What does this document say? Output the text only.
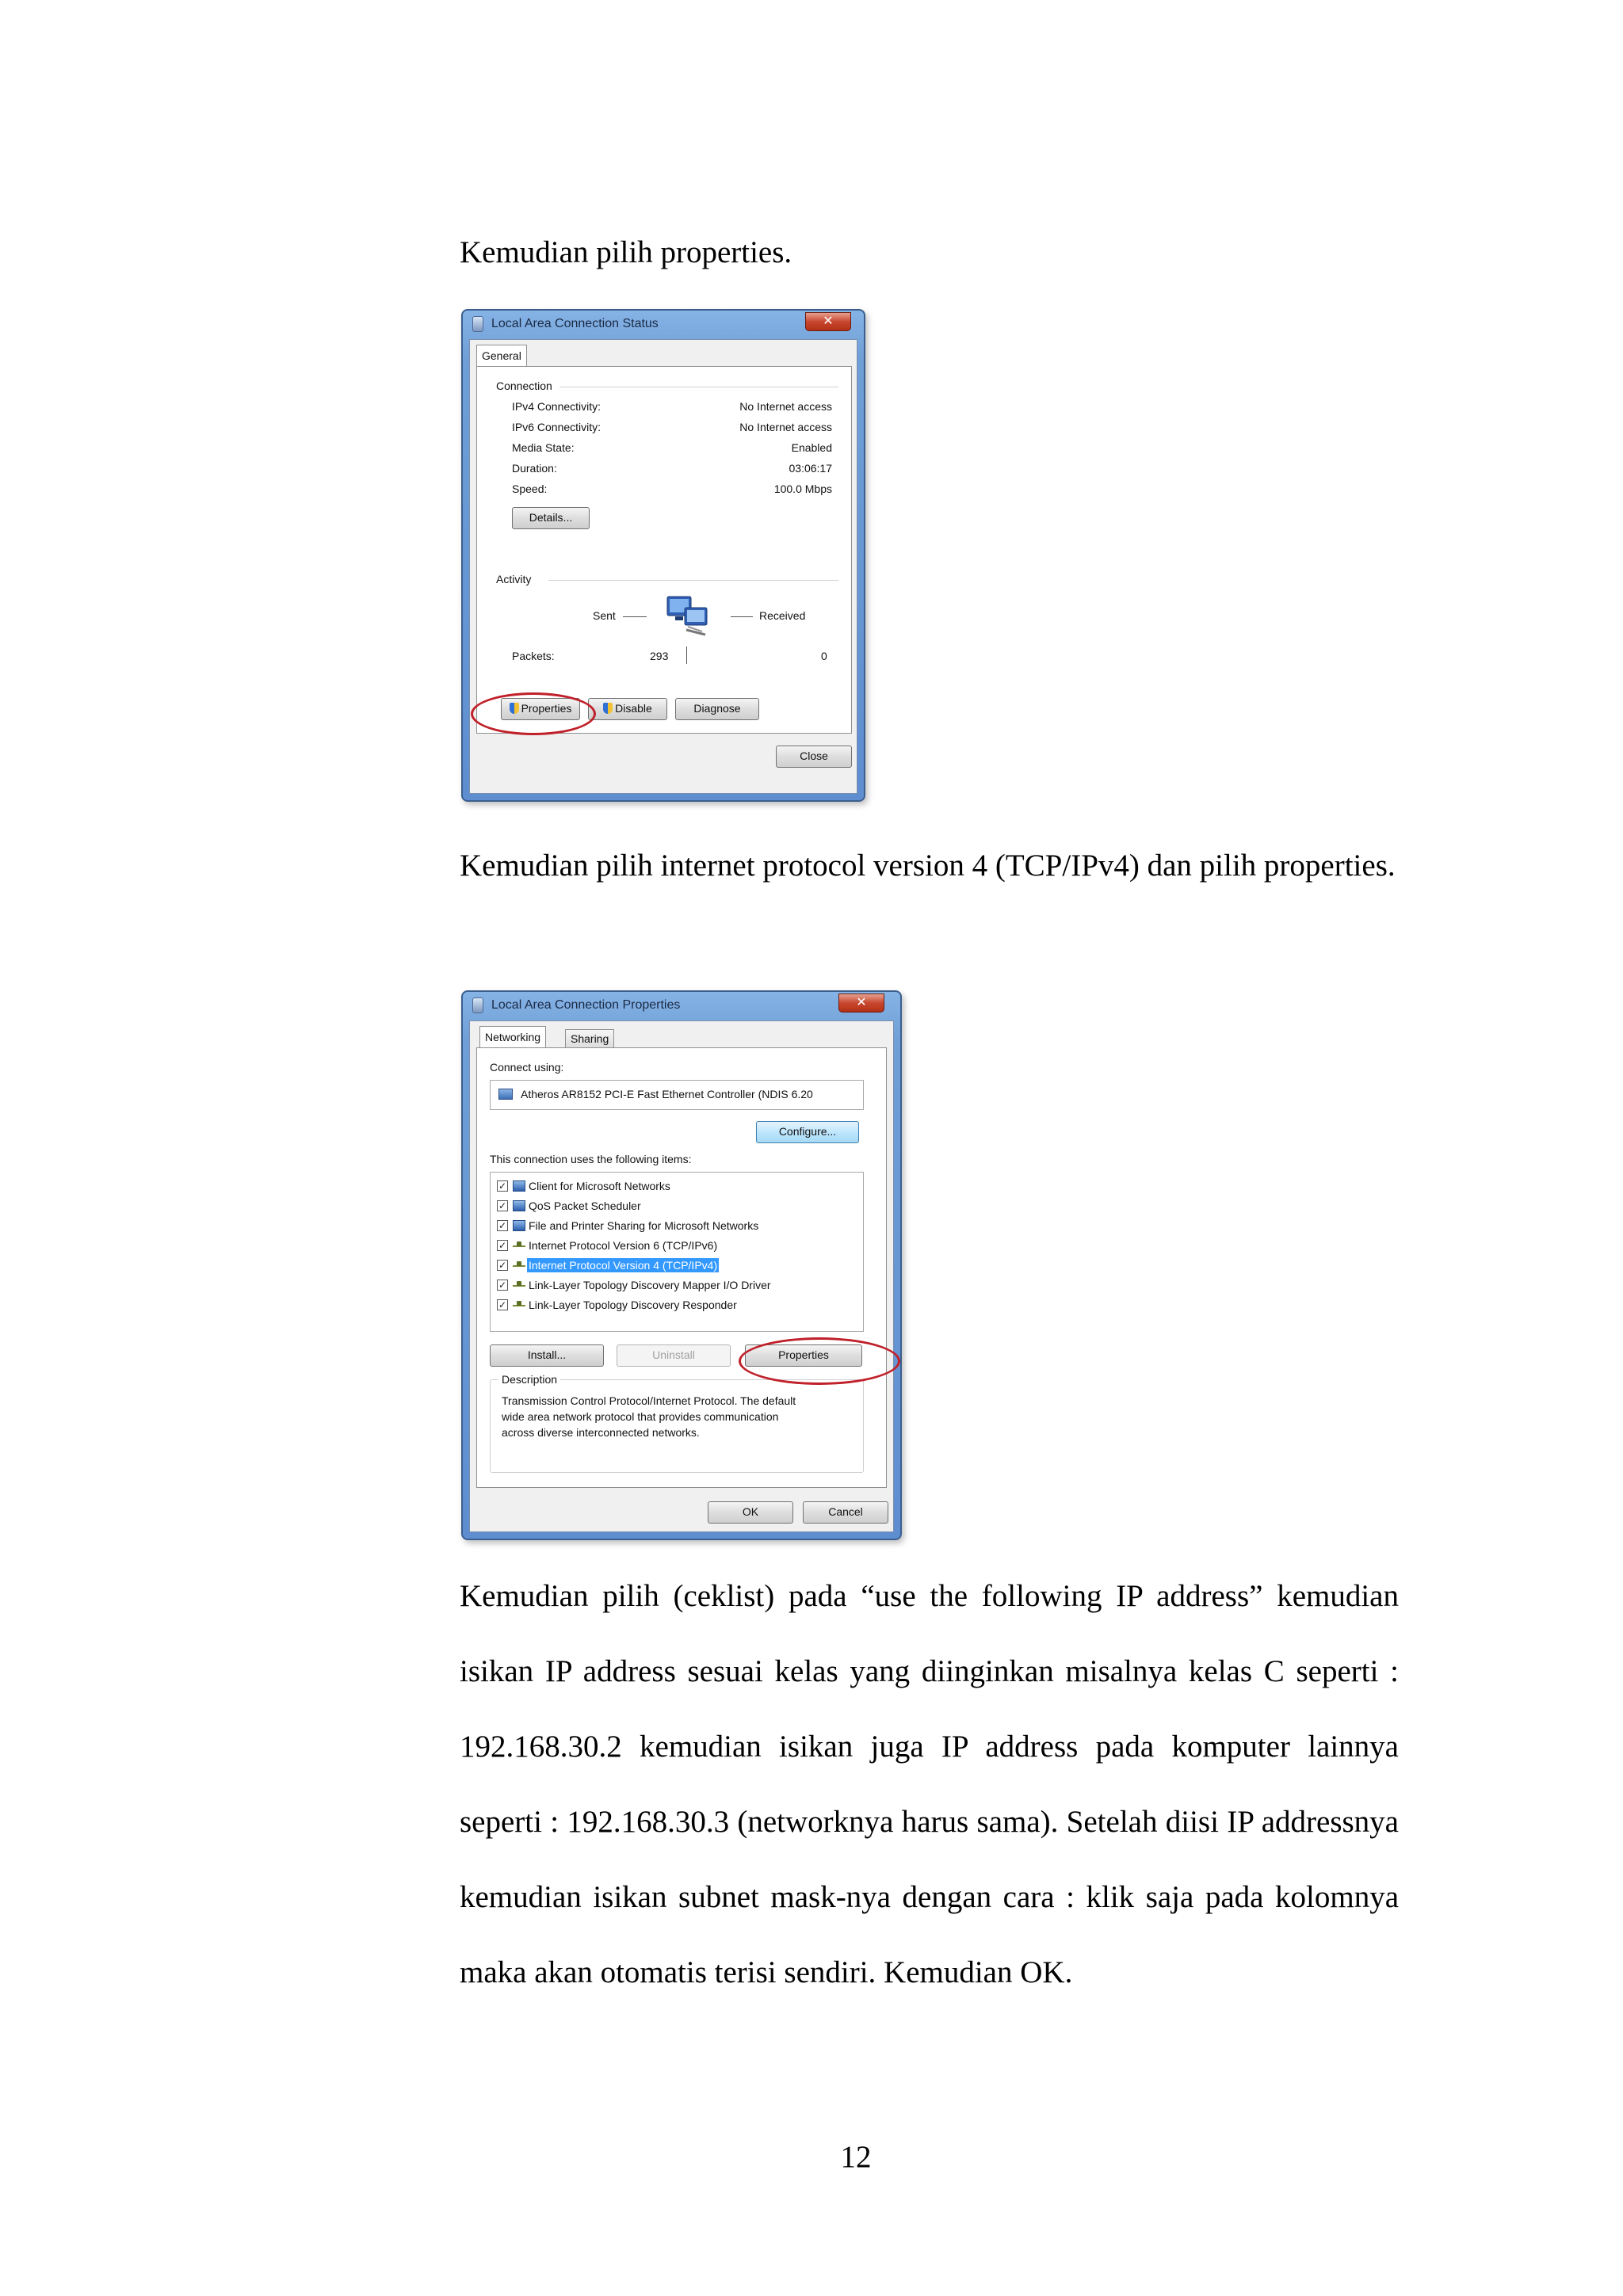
Kemudian pilih properties.

Local Area Connection Status	✕
General
Connection
IPv4 Connectivity:	No Internet access
IPv6 Connectivity:	No Internet access
Media State:	Enabled
Duration:	03:06:17
Speed:	100.0 Mbps
Details...
Activity
Sent	Received
Packets:	293	0
Properties	Disable	Diagnose
Close

Kemudian pilih internet protocol version 4 (TCP/IPv4) dan pilih properties.

Local Area Connection Properties	✕
Networking	Sharing
Connect using:
Atheros AR8152 PCI-E Fast Ethernet Controller (NDIS 6.20
Configure...
This connection uses the following items:
✓ Client for Microsoft Networks
✓ QoS Packet Scheduler
✓ File and Printer Sharing for Microsoft Networks
✓ Internet Protocol Version 6 (TCP/IPv6)
✓ Internet Protocol Version 4 (TCP/IPv4)
✓ Link-Layer Topology Discovery Mapper I/O Driver
✓ Link-Layer Topology Discovery Responder
Install...	Uninstall	Properties
Description
Transmission Control Protocol/Internet Protocol. The default
wide area network protocol that provides communication
across diverse interconnected networks.
OK	Cancel

Kemudian pilih (ceklist) pada “use the following IP address” kemudian isikan IP address sesuai kelas yang diinginkan misalnya kelas C seperti : 192.168.30.2 kemudian isikan juga IP address pada komputer lainnya seperti : 192.168.30.3 (networknya harus sama). Setelah diisi IP addressnya kemudian isikan subnet mask-nya dengan cara : klik saja pada kolomnya maka akan otomatis terisi sendiri. Kemudian OK.

12
